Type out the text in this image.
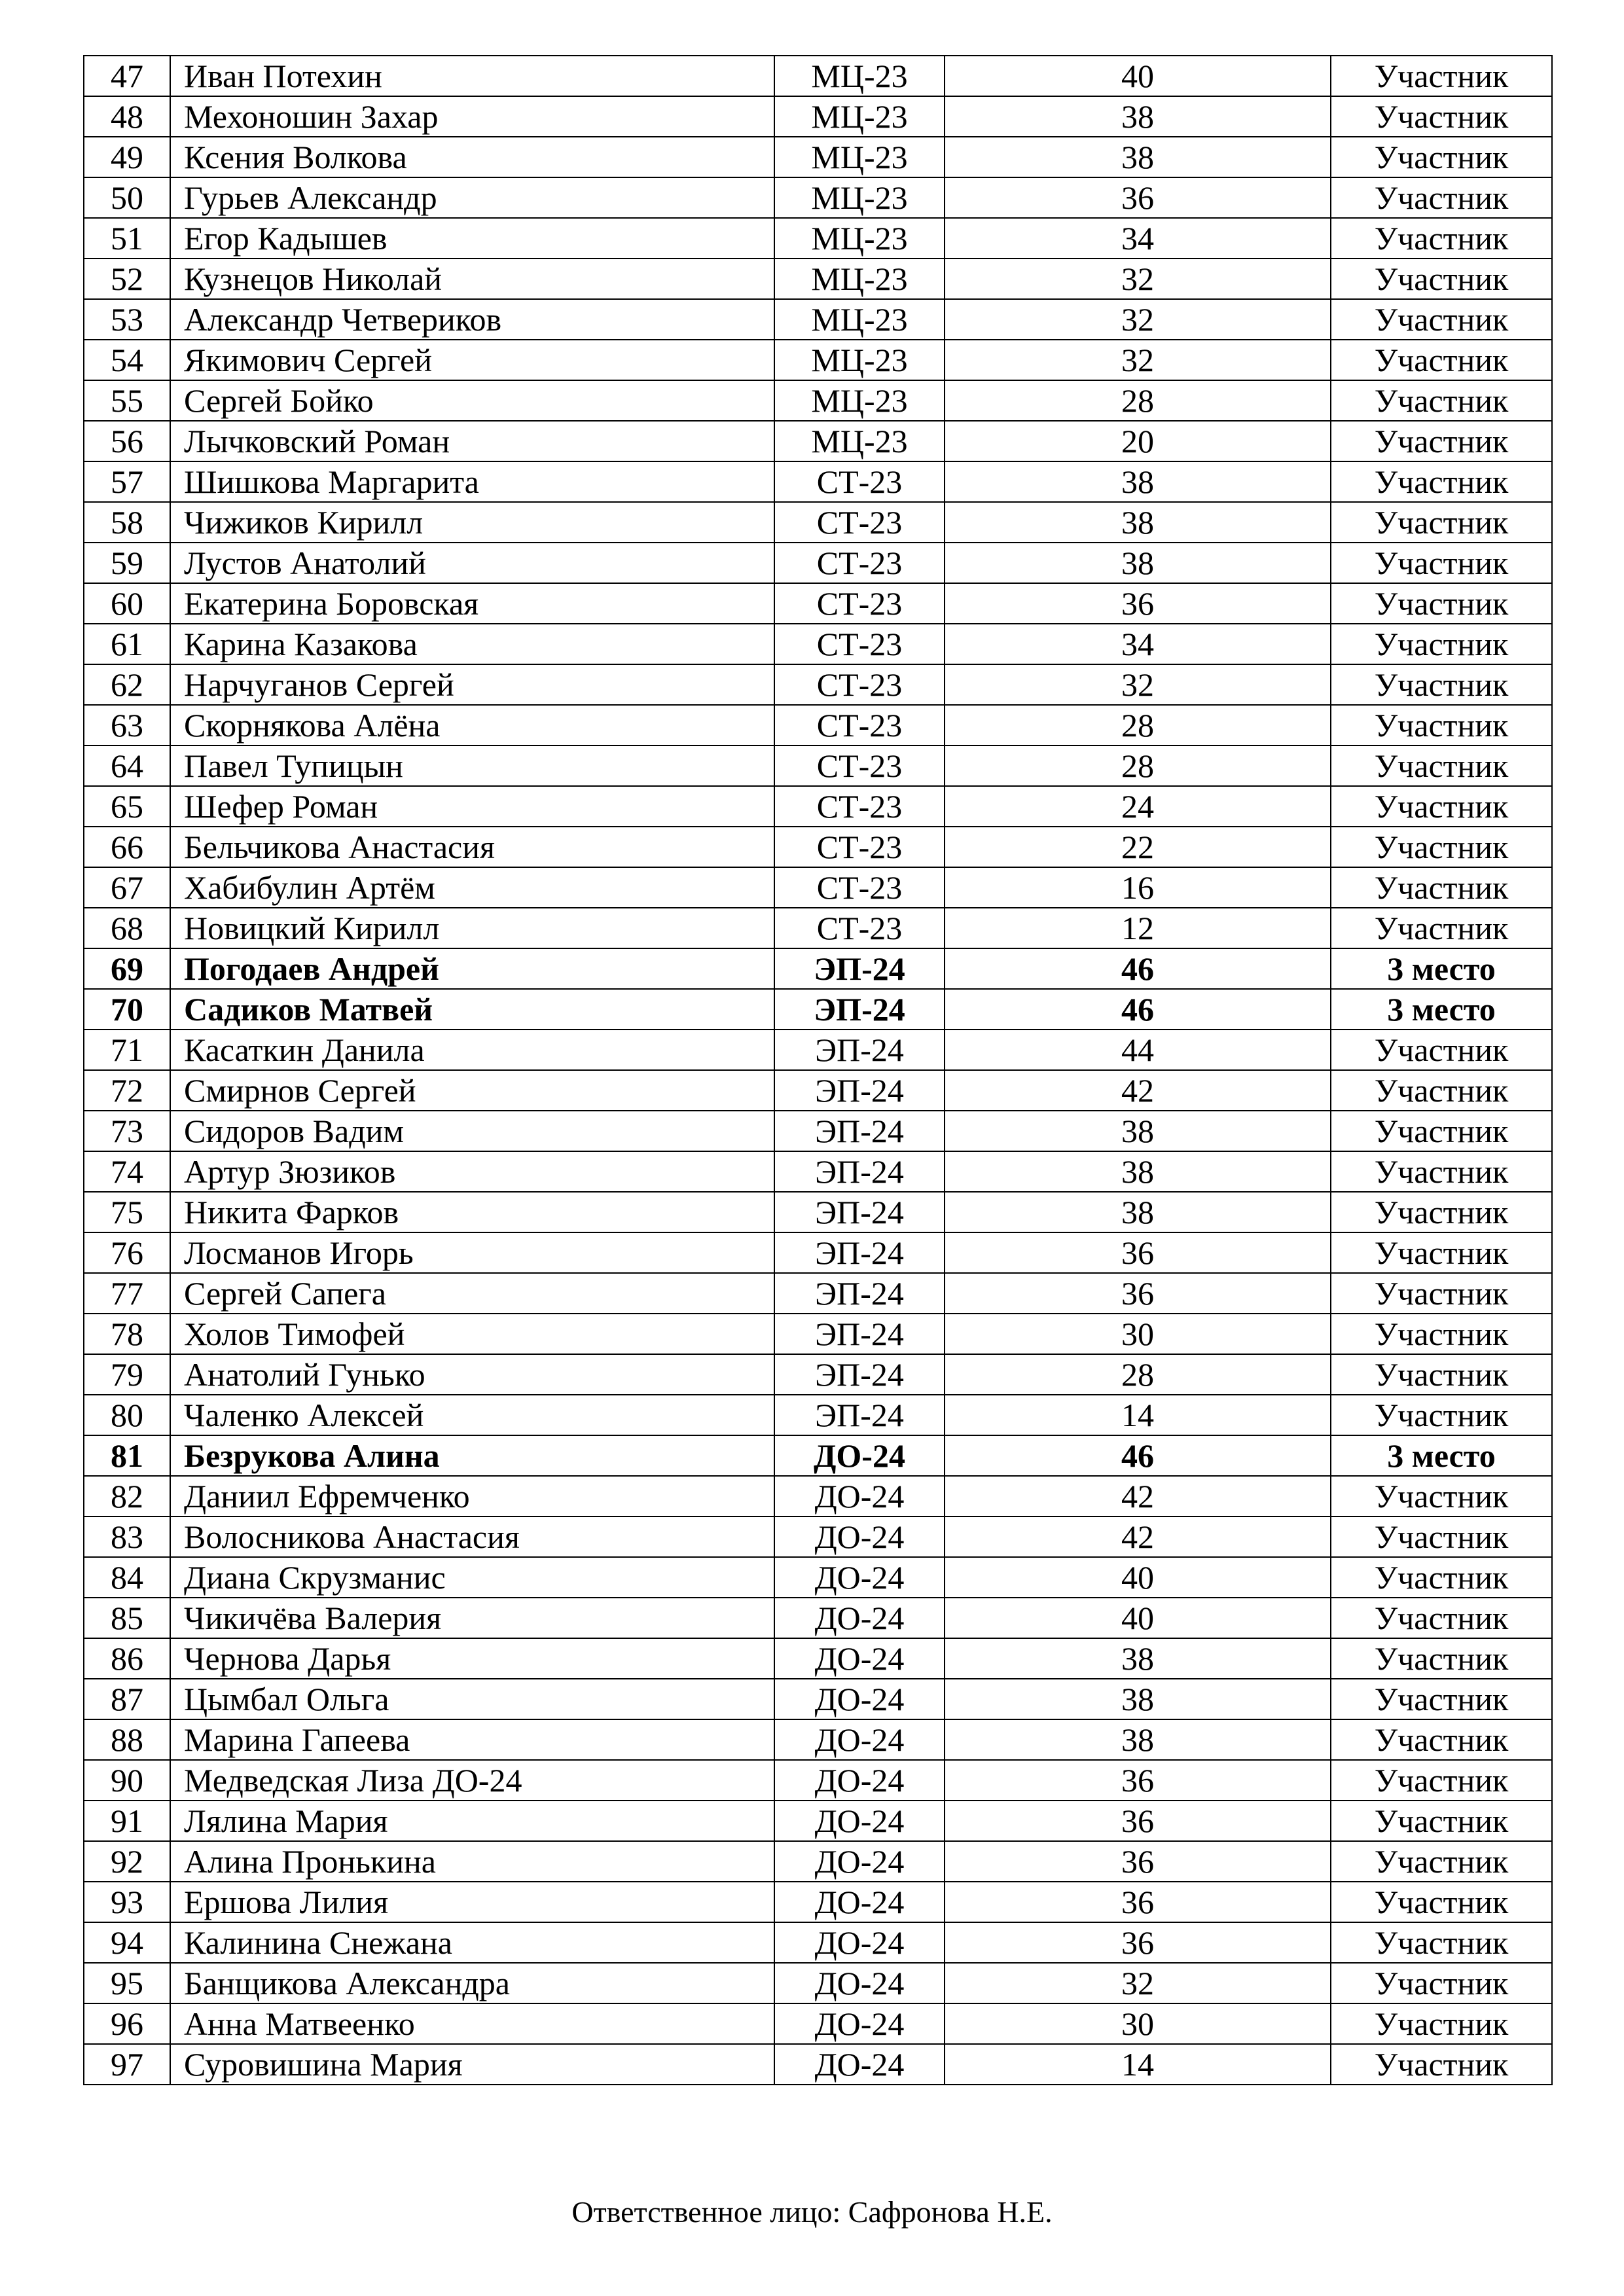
47	Иван Потехин	МЦ-23	40	Участник
48	Мехоношин Захар	МЦ-23	38	Участник
49	Ксения Волкова	МЦ-23	38	Участник
50	Гурьев Александр	МЦ-23	36	Участник
51	Егор Кадышев	МЦ-23	34	Участник
52	Кузнецов Николай	МЦ-23	32	Участник
53	Александр Четвериков	МЦ-23	32	Участник
54	Якимович Сергей	МЦ-23	32	Участник
55	Сергей Бойко	МЦ-23	28	Участник
56	Лычковский Роман	МЦ-23	20	Участник
57	Шишкова Маргарита	СТ-23	38	Участник
58	Чижиков Кирилл	СТ-23	38	Участник
59	Лустов Анатолий	СТ-23	38	Участник
60	Екатерина Боровская	СТ-23	36	Участник
61	Карина Казакова	СТ-23	34	Участник
62	Нарчуганов Сергей	СТ-23	32	Участник
63	Скорнякова Алёна	СТ-23	28	Участник
64	Павел Тупицын	СТ-23	28	Участник
65	Шефер Роман	СТ-23	24	Участник
66	Бельчикова Анастасия	СТ-23	22	Участник
67	Хабибулин Артём	СТ-23	16	Участник
68	Новицкий Кирилл	СТ-23	12	Участник
69	Погодаев Андрей	ЭП-24	46	3 место
70	Садиков Матвей	ЭП-24	46	3 место
71	Касаткин Данила	ЭП-24	44	Участник
72	Смирнов Сергей	ЭП-24	42	Участник
73	Сидоров Вадим	ЭП-24	38	Участник
74	Артур Зюзиков	ЭП-24	38	Участник
75	Никита Фарков	ЭП-24	38	Участник
76	Лосманов Игорь	ЭП-24	36	Участник
77	Сергей Сапега	ЭП-24	36	Участник
78	Холов Тимофей	ЭП-24	30	Участник
79	Анатолий Гунько	ЭП-24	28	Участник
80	Чаленко Алексей	ЭП-24	14	Участник
81	Безрукова Алина	ДО-24	46	3 место
82	Даниил Ефремченко	ДО-24	42	Участник
83	Волосникова Анастасия	ДО-24	42	Участник
84	Диана Скрузманис	ДО-24	40	Участник
85	Чикичёва Валерия	ДО-24	40	Участник
86	Чернова Дарья	ДО-24	38	Участник
87	Цымбал Ольга	ДО-24	38	Участник
88	Марина Гапеева	ДО-24	38	Участник
90	Медведская Лиза ДО-24	ДО-24	36	Участник
91	Лялина Мария	ДО-24	36	Участник
92	Алина Пронькина	ДО-24	36	Участник
93	Ершова Лилия	ДО-24	36	Участник
94	Калинина Снежана	ДО-24	36	Участник
95	Банщикова Александра	ДО-24	32	Участник
96	Анна Матвеенко	ДО-24	30	Участник
97	Суровишина Мария	ДО-24	14	Участник
Ответственное лицо: Сафронова Н.Е.
